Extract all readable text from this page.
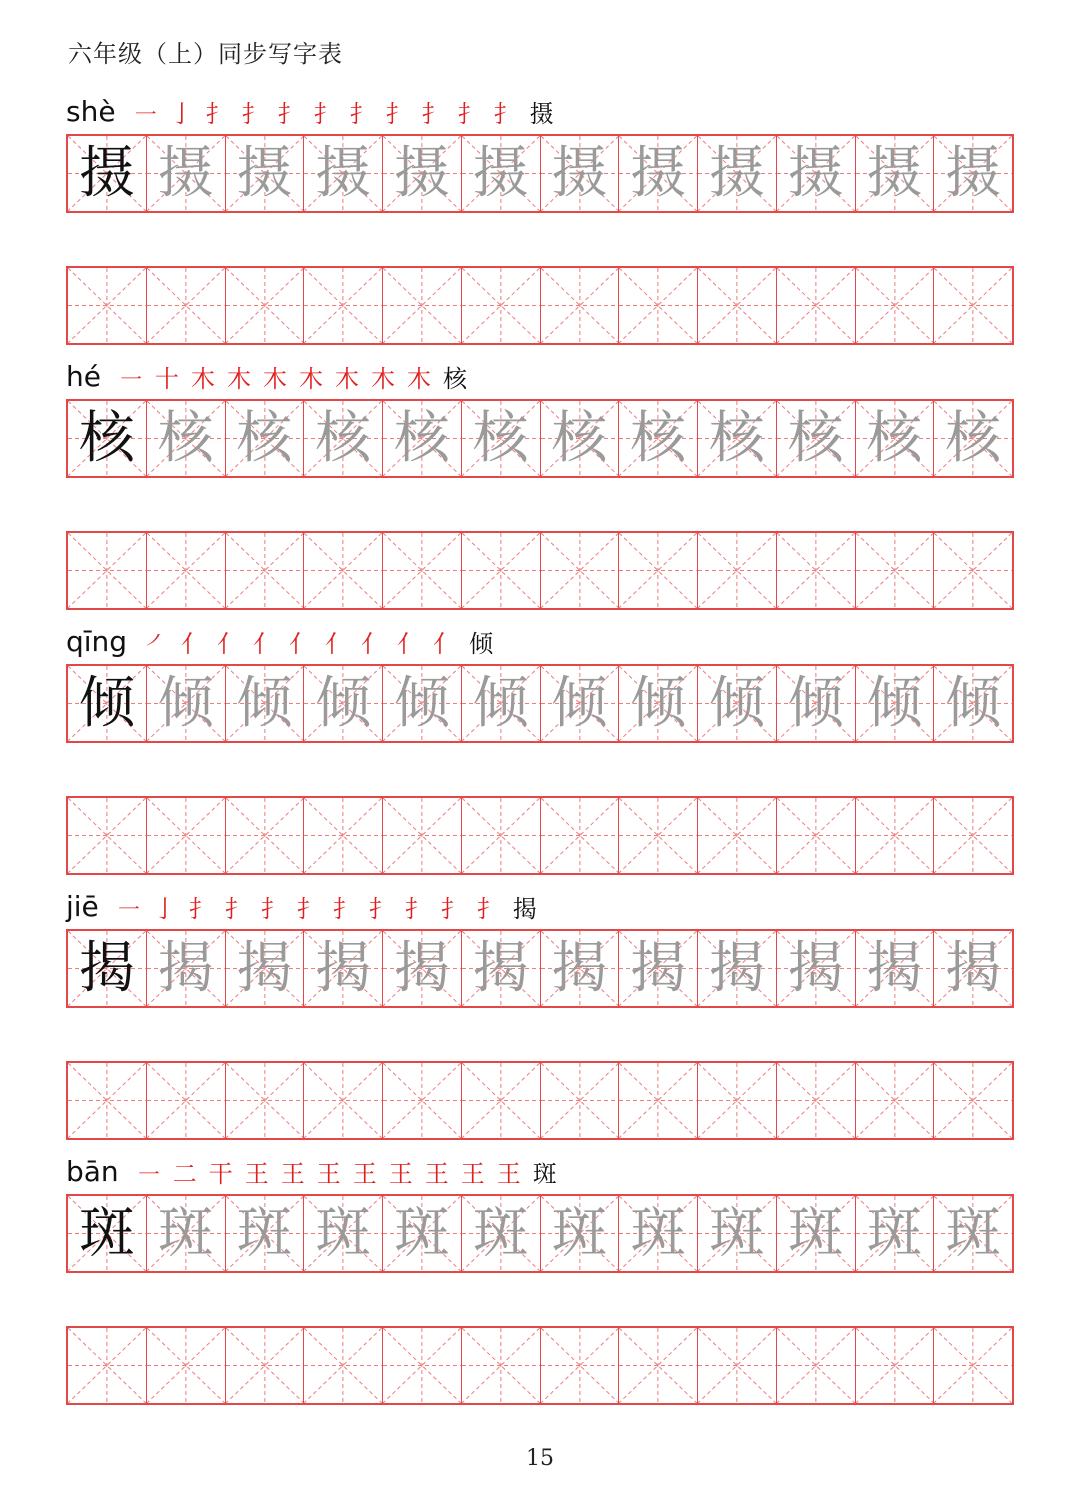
六年级（上）同步写字表
shè ㇐ 亅 扌 扌 扌 扌 扌 扌 扌 扌 扌 摄
摄 摄 摄 摄 摄 摄 摄 摄 摄 摄 摄 摄
hé ㇐ 十 木 木 木 木 木 木 木 核
核 核 核 核 核 核 核 核 核 核 核 核
qīng ㇒ 亻 亻 亻 亻 亻 亻 亻 亻 倾
倾 倾 倾 倾 倾 倾 倾 倾 倾 倾 倾 倾
jiē ㇐ 亅 扌 扌 扌 扌 扌 扌 扌 扌 扌 揭
揭 揭 揭 揭 揭 揭 揭 揭 揭 揭 揭 揭
bān ㇐ 二 干 王 王 王 王 王 王 王 王 斑
斑 斑 斑 斑 斑 斑 斑 斑 斑 斑 斑 斑
15
